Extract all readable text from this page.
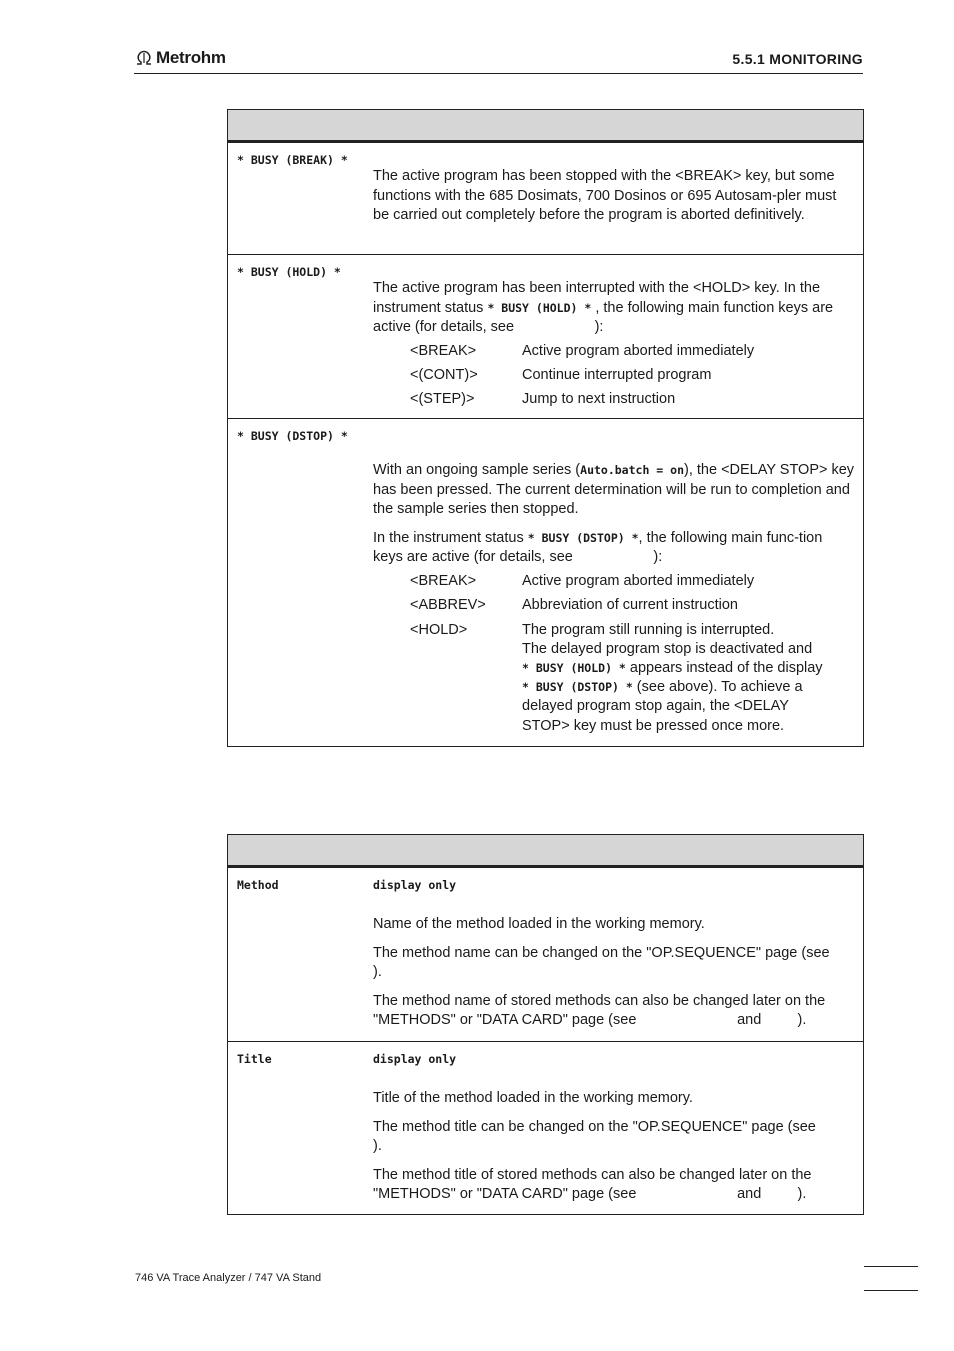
Metrohm	5.5.1 MONITORING
* BUSY (BREAK) *

The active program has been stopped with the <BREAK> key, but some functions with the 685 Dosimats, 700 Dosinos or 695 Autosam-pler must be carried out completely before the program is aborted definitively.

* BUSY (HOLD) *

The active program has been interrupted with the <HOLD> key. In the instrument status * BUSY (HOLD) * , the following main function keys are active (for details, see                    ):

<BREAK>	Active program aborted immediately
<(CONT)>	Continue interrupted program
<(STEP)>	Jump to next instruction
* BUSY (DSTOP) *

With an ongoing sample series (Auto.batch = on), the <DELAY STOP> key has been pressed. The current determination will be run to completion and the sample series then stopped.

In the instrument status * BUSY (DSTOP) *, the following main func-tion keys are active (for details, see                    ):

<BREAK>	Active program aborted immediately
<ABBREV>	Abbreviation of current instruction
<HOLD>	The program still running is interrupted.
The delayed program stop is deactivated and
* BUSY (HOLD) * appears instead of the display
* BUSY (DSTOP) * (see above). To achieve a
delayed program stop again, the <DELAY
STOP> key must be pressed once more.
Method	display only

Name of the method loaded in the working memory.

The method name can be changed on the "OP.SEQUENCE" page (see                  ).

The method name of stored methods can also be changed later on the "METHODS" or "DATA CARD" page (see                         and         ).

Title	display only

Title of the method loaded in the working memory.

The method title can be changed on the "OP.SEQUENCE" page (see              ).

The method title of stored methods can also be changed later on the "METHODS" or "DATA CARD" page (see                         and         ).

746 VA Trace Analyzer / 747 VA Stand
